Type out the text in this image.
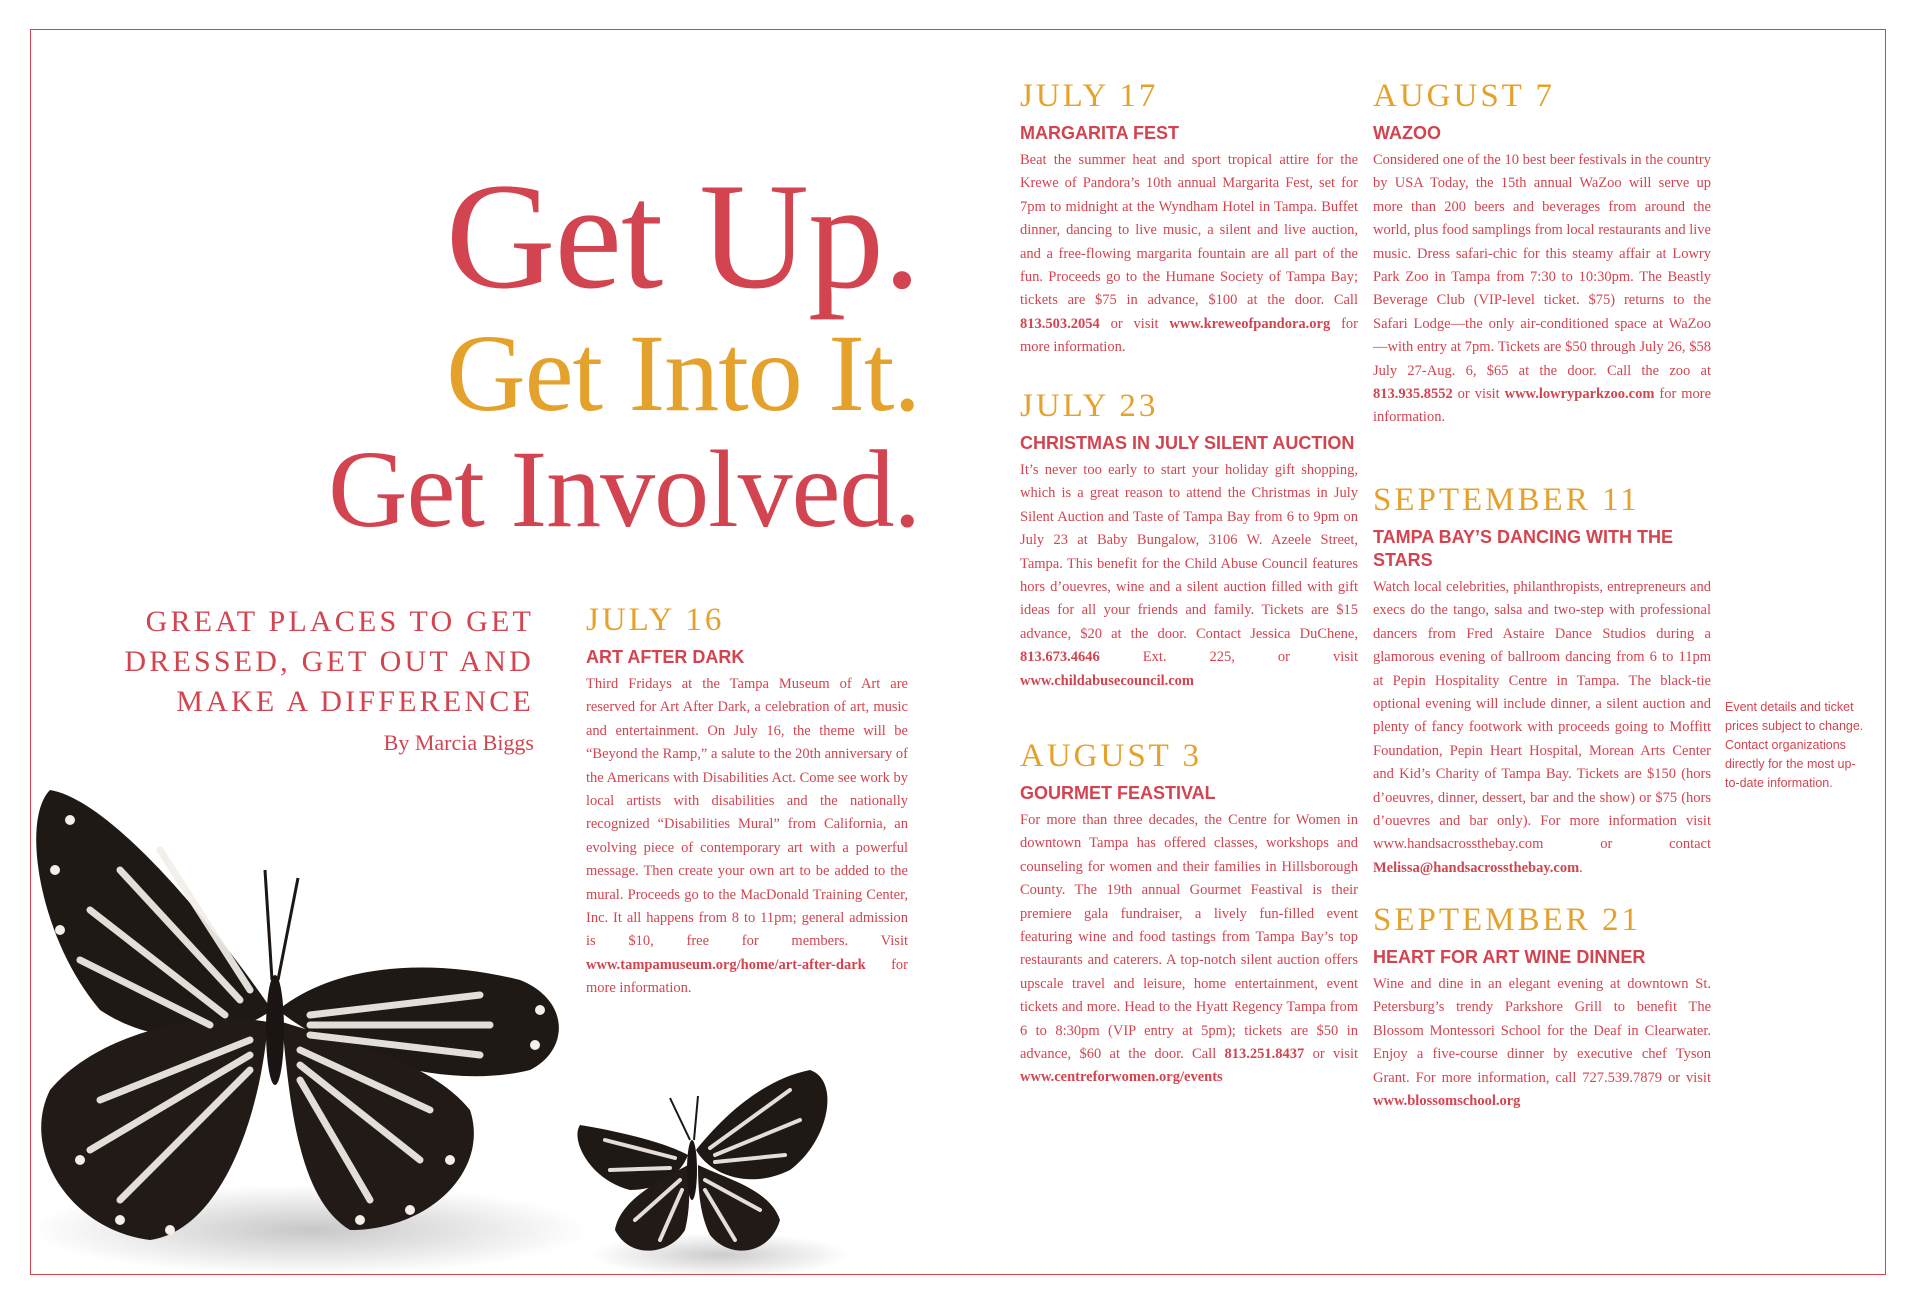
Get Up.
Get Into It.
Get Involved.
GREAT PLACES TO GET
DRESSED, GET OUT AND
MAKE A DIFFERENCE
By Marcia Biggs
JULY 16
ART AFTER DARK
Third Fridays at the Tampa Museum of Art are reserved for Art After Dark, a celebration of art, music and entertainment. On July 16, the theme will be “Beyond the Ramp,” a salute to the 20th anniversary of the Americans with Disabilities Act. Come see work by local artists with disabilities and the nationally recognized “Disabilities Mural” from California, an evolving piece of contemporary art with a powerful message. Then create your own art to be added to the mural. Proceeds go to the MacDonald Training Center, Inc. It all happens from 8 to 11pm; general admission is $10, free for members. Visit www.tampamuseum.org/home/art-after-dark for more information.
JULY 17
MARGARITA FEST
Beat the summer heat and sport tropical attire for the Krewe of Pandora’s 10th annual Margarita Fest, set for 7pm to midnight at the Wyndham Hotel in Tampa. Buffet dinner, dancing to live music, a silent and live auction, and a free-flowing margarita fountain are all part of the fun. Proceeds go to the Humane Society of Tampa Bay; tickets are $75 in advance, $100 at the door. Call 813.503.2054 or visit www.kreweofpandora.org for more information.
JULY 23
CHRISTMAS IN JULY SILENT AUCTION
It’s never too early to start your holiday gift shopping, which is a great reason to attend the Christmas in July Silent Auction and Taste of Tampa Bay from 6 to 9pm on July 23 at Baby Bungalow, 3106 W. Azeele Street, Tampa. This benefit for the Child Abuse Council features hors d’ouevres, wine and a silent auction filled with gift ideas for all your friends and family. Tickets are $15 advance, $20 at the door. Contact Jessica DuChene, 813.673.4646 Ext. 225, or visit www.childabusecouncil.com
AUGUST 3
GOURMET FEASTIVAL
For more than three decades, the Centre for Women in downtown Tampa has offered classes, workshops and counseling for women and their families in Hillsborough County. The 19th annual Gourmet Feastival is their premiere gala fundraiser, a lively fun-filled event featuring wine and food tastings from Tampa Bay’s top restaurants and caterers. A top-notch silent auction offers upscale travel and leisure, home entertainment, event tickets and more. Head to the Hyatt Regency Tampa from 6 to 8:30pm (VIP entry at 5pm); tickets are $50 in advance, $60 at the door. Call 813.251.8437 or visit www.centreforwomen.org/events
AUGUST 7
WAZOO
Considered one of the 10 best beer festivals in the country by USA Today, the 15th annual WaZoo will serve up more than 200 beers and beverages from around the world, plus food samplings from local restaurants and live music. Dress safari-chic for this steamy affair at Lowry Park Zoo in Tampa from 7:30 to 10:30pm. The Beastly Beverage Club (VIP-level ticket. $75) returns to the Safari Lodge—the only air-conditioned space at WaZoo—with entry at 7pm. Tickets are $50 through July 26, $58 July 27-Aug. 6, $65 at the door. Call the zoo at 813.935.8552 or visit www.lowryparkzoo.com for more information.
SEPTEMBER 11
TAMPA BAY’S DANCING WITH THE STARS
Watch local celebrities, philanthropists, entrepreneurs and execs do the tango, salsa and two-step with professional dancers from Fred Astaire Dance Studios during a glamorous evening of ballroom dancing from 6 to 11pm at Pepin Hospitality Centre in Tampa. The black-tie optional evening will include dinner, a silent auction and plenty of fancy footwork with proceeds going to Moffitt Foundation, Pepin Heart Hospital, Morean Arts Center and Kid’s Charity of Tampa Bay. Tickets are $150 (hors d’oeuvres, dinner, dessert, bar and the show) or $75 (hors d’ouevres and bar only). For more information visit www.handsacrossthebay.com or contact Melissa@handsacrossthebay.com.
SEPTEMBER 21
HEART FOR ART WINE DINNER
Wine and dine in an elegant evening at downtown St. Petersburg’s trendy Parkshore Grill to benefit The Blossom Montessori School for the Deaf in Clearwater. Enjoy a five-course dinner by executive chef Tyson Grant. For more information, call 727.539.7879 or visit www.blossomschool.org
Event details and ticket prices subject to change. Contact organizations directly for the most up-to-date information.
